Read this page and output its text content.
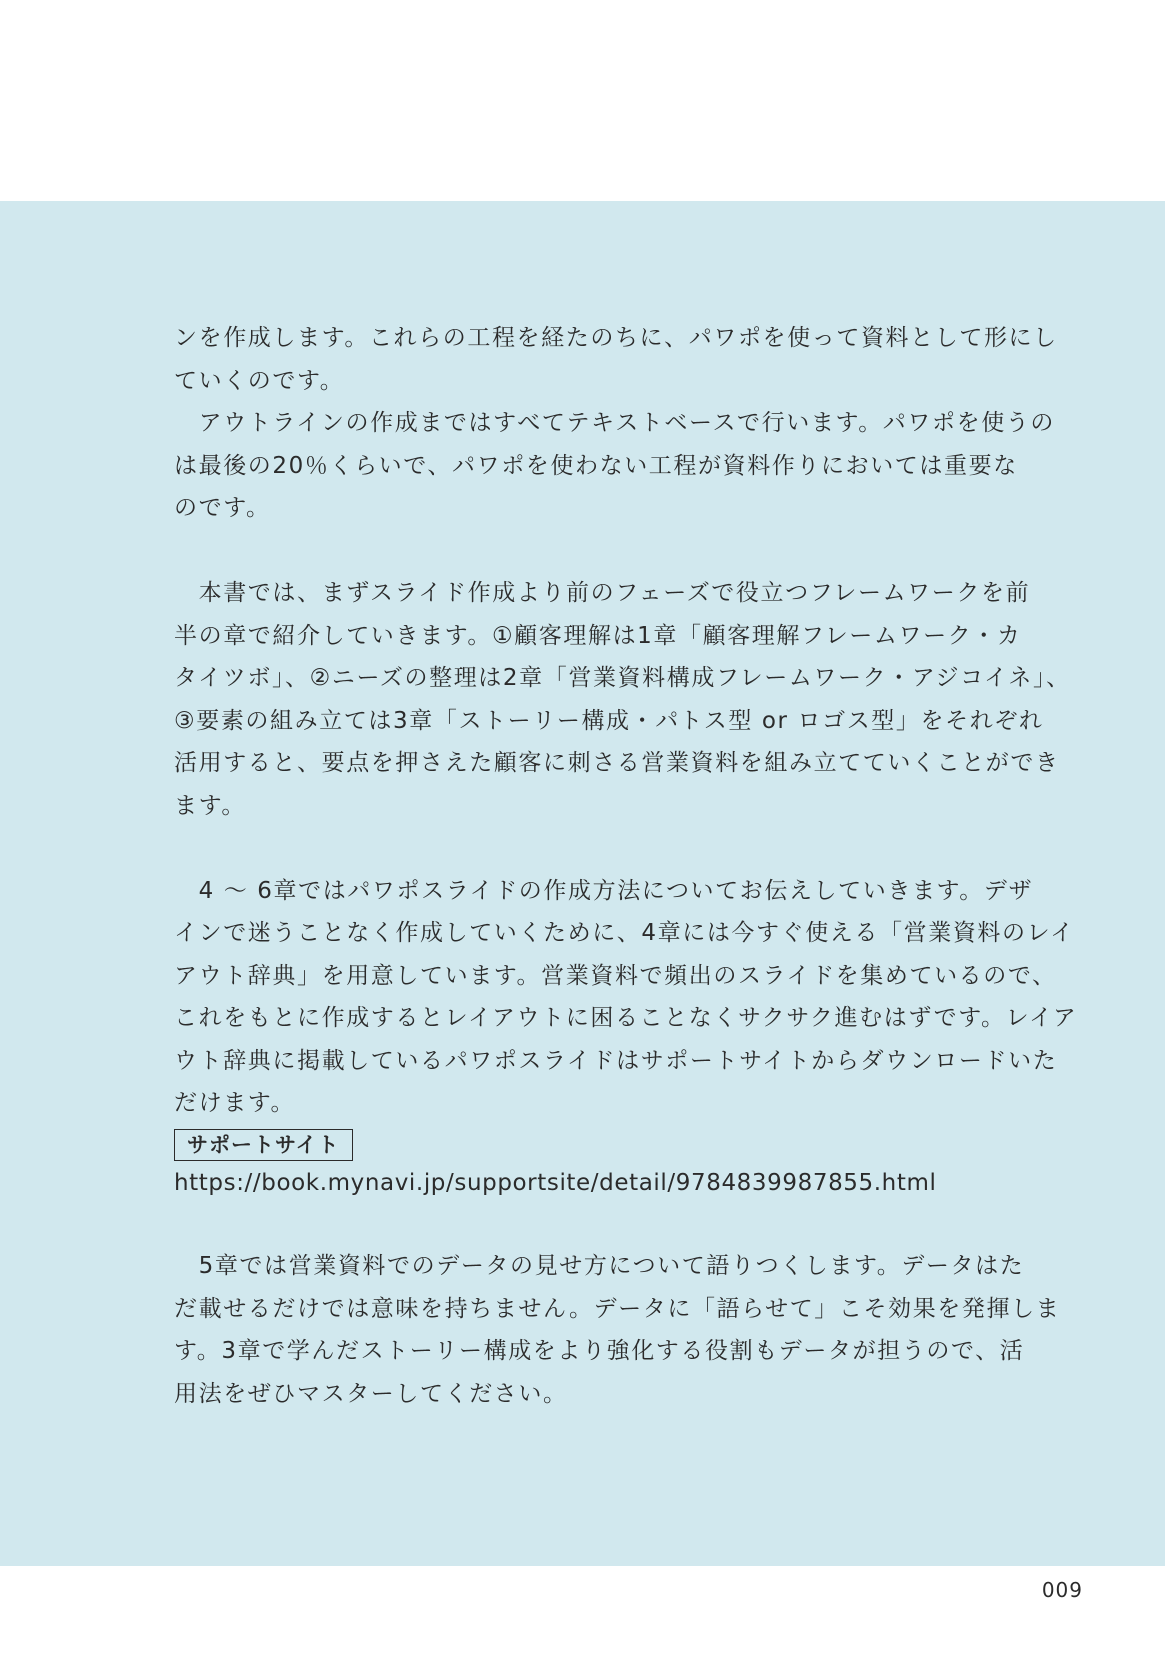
ンを作成します。これらの工程を経たのちに、パワポを使って資料として形にし
ていくのです。
　アウトラインの作成まではすべてテキストベースで行います。パワポを使うの
は最後の20％くらいで、パワポを使わない工程が資料作りにおいては重要な
のです。
　本書では、まずスライド作成より前のフェーズで役立つフレームワークを前
半の章で紹介していきます。①顧客理解は1章「顧客理解フレームワーク・カ
タイツボ」、②ニーズの整理は2章「営業資料構成フレームワーク・アジコイネ」、
③要素の組み立ては3章「ストーリー構成・パトス型 or ロゴス型」をそれぞれ
活用すると、要点を押さえた顧客に刺さる営業資料を組み立てていくことができ
ます。
　4 〜 6章ではパワポスライドの作成方法についてお伝えしていきます。デザ
インで迷うことなく作成していくために、4章には今すぐ使える「営業資料のレイ
アウト辞典」を用意しています。営業資料で頻出のスライドを集めているので、
これをもとに作成するとレイアウトに困ることなくサクサク進むはずです。レイア
ウト辞典に掲載しているパワポスライドはサポートサイトからダウンロードいた
だけます。
サポートサイト
https://book.mynavi.jp/supportsite/detail/9784839987855.html
　5章では営業資料でのデータの見せ方について語りつくします。データはた
だ載せるだけでは意味を持ちません。データに「語らせて」こそ効果を発揮しま
す。3章で学んだストーリー構成をより強化する役割もデータが担うので、活
用法をぜひマスターしてください。
009
